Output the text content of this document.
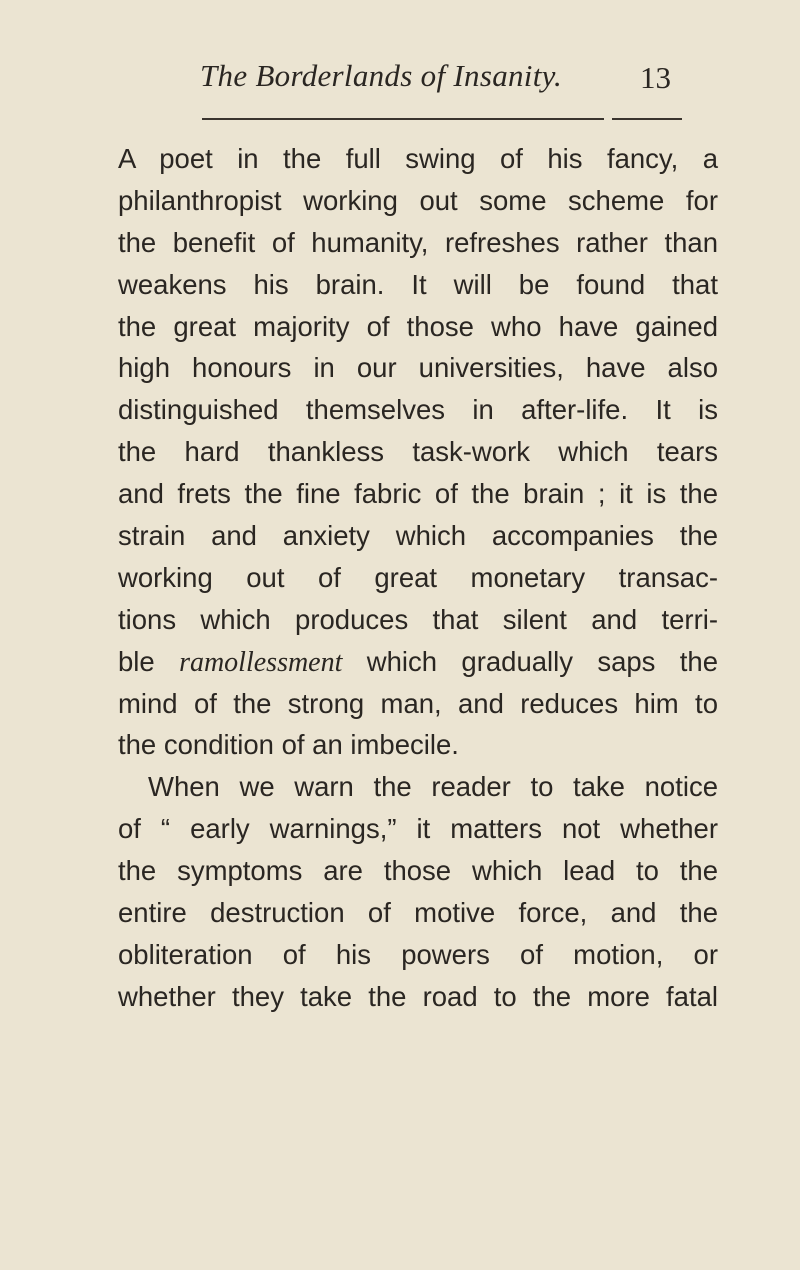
The Borderlands of Insanity.	13
A poet in the full swing of his fancy, a
philanthropist working out some scheme for
the benefit of humanity, refreshes rather than
weakens his brain. It will be found that
the great majority of those who have gained
high honours in our universities, have also
distinguished themselves in after-life. It is
the hard thankless task-work which tears
and frets the fine fabric of the brain ; it is the
strain and anxiety which accompanies the
working out of great monetary transac-
tions which produces that silent and terri-
ble ramollessment which gradually saps the
mind of the strong man, and reduces him to
the condition of an imbecile.
When we warn the reader to take notice
of “ early warnings,” it matters not whether
the symptoms are those which lead to the
entire destruction of motive force, and the
obliteration of his powers of motion, or
whether they take the road to the more fatal
